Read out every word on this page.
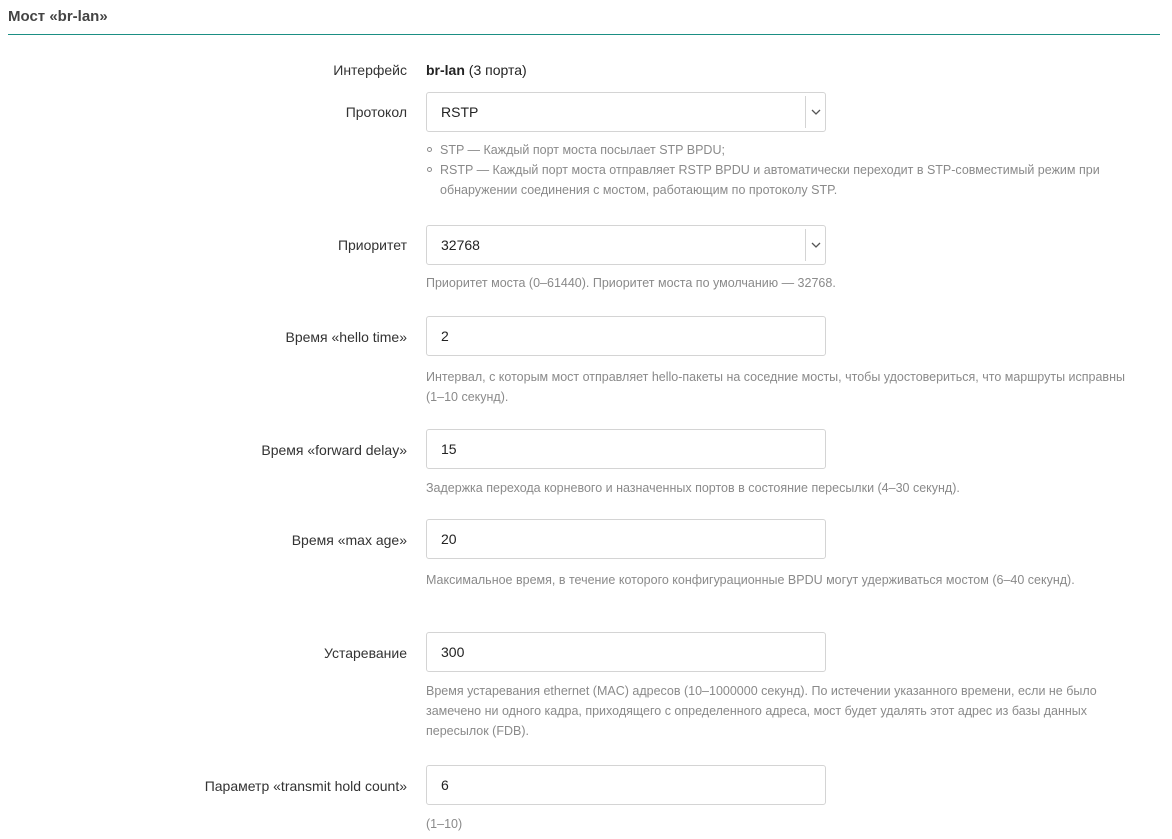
Мост «br-lan»
Интерфейс br-lan (3 порта)
Протокол RSTP
STP — Каждый порт моста посылает STP BPDU;
RSTP — Каждый порт моста отправляет RSTP BPDU и автоматически переходит в STP-совместимый режим при обнаружении соединения с мостом, работающим по протоколу STP.
Приоритет 32768
Приоритет моста (0–61440). Приоритет моста по умолчанию — 32768.
Время «hello time» 2
Интервал, с которым мост отправляет hello-пакеты на соседние мосты, чтобы удостовериться, что маршруты исправны (1–10 секунд).
Время «forward delay» 15
Задержка перехода корневого и назначенных портов в состояние пересылки (4–30 секунд).
Время «max age» 20
Максимальное время, в течение которого конфигурационные BPDU могут удерживаться мостом (6–40 секунд).
Устаревание 300
Время устаревания ethernet (MAC) адресов (10–1000000 секунд). По истечении указанного времени, если не было замечено ни одного кадра, приходящего с определенного адреса, мост будет удалять этот адрес из базы данных пересылок (FDB).
Параметр «transmit hold count» 6
(1–10)
